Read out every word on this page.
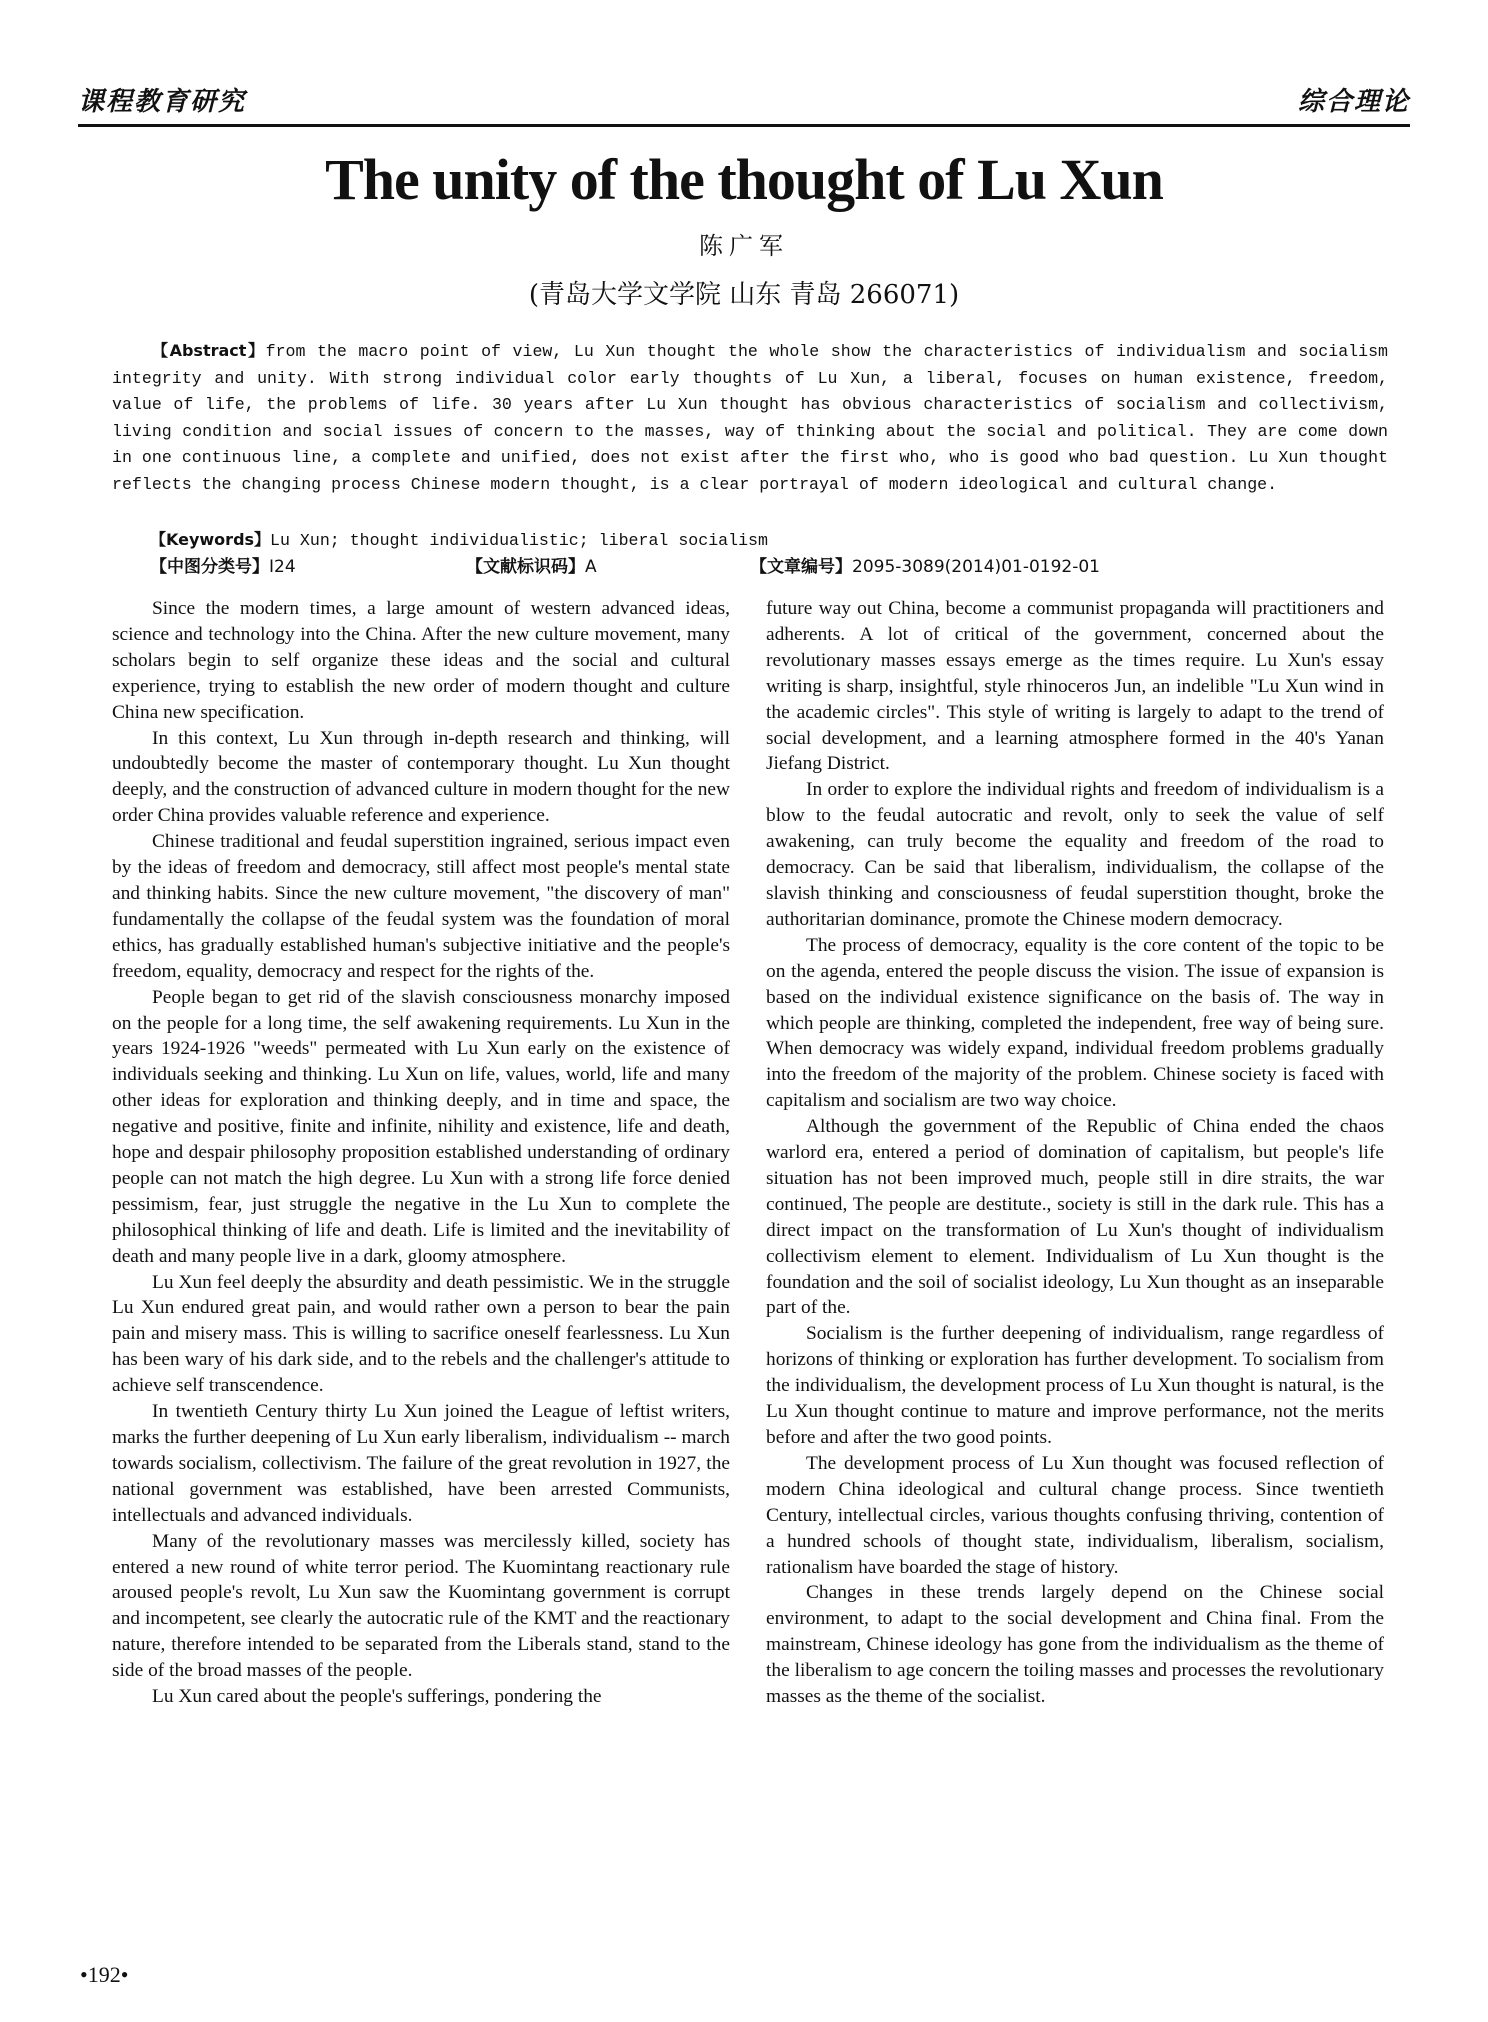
课程教育研究	综合理论
The unity of the thought of Lu Xun
陈广军
(青岛大学文学院 山东 青岛 266071)

【Abstract】from the macro point of view, Lu Xun thought the whole show the characteristics of individualism and socialism integrity and unity. With strong individual color early thoughts of Lu Xun, a liberal, focuses on human existence, freedom, value of life, the problems of life. 30 years after Lu Xun thought has obvious characteristics of socialism and collectivism, living condition and social issues of concern to the masses, way of thinking about the social and political. They are come down in one continuous line, a complete and unified, does not exist after the first who, who is good who bad question. Lu Xun thought reflects the changing process Chinese modern thought, is a clear portrayal of modern ideological and cultural change.

【Keywords】Lu Xun; thought individualistic; liberal socialism
【中图分类号】I24	【文献标识码】A	【文章编号】2095-3089(2014)01-0192-01

Since the modern times, a large amount of western advanced ideas, science and technology into the China. After the new culture movement, many scholars begin to self organize these ideas and the social and cultural experience, trying to establish the new order of modern thought and culture China new specification.

In this context, Lu Xun through in-depth research and thinking, will undoubtedly become the master of contemporary thought. Lu Xun thought deeply, and the construction of advanced culture in modern thought for the new order China provides valuable reference and experience.

Chinese traditional and feudal superstition ingrained, serious impact even by the ideas of freedom and democracy, still affect most people's mental state and thinking habits. Since the new culture movement, "the discovery of man" fundamentally the collapse of the feudal system was the foundation of moral ethics, has gradually established human's subjective initiative and the people's freedom, equality, democracy and respect for the rights of the.

People began to get rid of the slavish consciousness monarchy imposed on the people for a long time, the self awakening requirements. Lu Xun in the years 1924-1926 "weeds" permeated with Lu Xun early on the existence of individuals seeking and thinking. Lu Xun on life, values, world, life and many other ideas for exploration and thinking deeply, and in time and space, the negative and positive, finite and infinite, nihility and existence, life and death, hope and despair philosophy proposition established understanding of ordinary people can not match the high degree. Lu Xun with a strong life force denied pessimism, fear, just struggle the negative in the Lu Xun to complete the philosophical thinking of life and death. Life is limited and the inevitability of death and many people live in a dark, gloomy atmosphere.

Lu Xun feel deeply the absurdity and death pessimistic. We in the struggle Lu Xun endured great pain, and would rather own a person to bear the pain pain and misery mass. This is willing to sacrifice oneself fearlessness. Lu Xun has been wary of his dark side, and to the rebels and the challenger's attitude to achieve self transcendence.

In twentieth Century thirty Lu Xun joined the League of leftist writers, marks the further deepening of Lu Xun early liberalism, individualism -- march towards socialism, collectivism. The failure of the great revolution in 1927, the national government was established, have been arrested Communists, intellectuals and advanced individuals.

Many of the revolutionary masses was mercilessly killed, society has entered a new round of white terror period. The Kuomintang reactionary rule aroused people's revolt, Lu Xun saw the Kuomintang government is corrupt and incompetent, see clearly the autocratic rule of the KMT and the reactionary nature, therefore intended to be separated from the Liberals stand, stand to the side of the broad masses of the people.

Lu Xun cared about the people's sufferings, pondering the

future way out China, become a communist propaganda will practitioners and adherents. A lot of critical of the government, concerned about the revolutionary masses essays emerge as the times require. Lu Xun's essay writing is sharp, insightful, style rhinoceros Jun, an indelible "Lu Xun wind in the academic circles". This style of writing is largely to adapt to the trend of social development, and a learning atmosphere formed in the 40's Yanan Jiefang District.

In order to explore the individual rights and freedom of individualism is a blow to the feudal autocratic and revolt, only to seek the value of self awakening, can truly become the equality and freedom of the road to democracy. Can be said that liberalism, individualism, the collapse of the slavish thinking and consciousness of feudal superstition thought, broke the authoritarian dominance, promote the Chinese modern democracy.

The process of democracy, equality is the core content of the topic to be on the agenda, entered the people discuss the vision. The issue of expansion is based on the individual existence significance on the basis of. The way in which people are thinking, completed the independent, free way of being sure. When democracy was widely expand, individual freedom problems gradually into the freedom of the majority of the problem. Chinese society is faced with capitalism and socialism are two way choice.

Although the government of the Republic of China ended the chaos warlord era, entered a period of domination of capitalism, but people's life situation has not been improved much, people still in dire straits, the war continued, The people are destitute., society is still in the dark rule. This has a direct impact on the transformation of Lu Xun's thought of individualism collectivism element to element. Individualism of Lu Xun thought is the foundation and the soil of socialist ideology, Lu Xun thought as an inseparable part of the.

Socialism is the further deepening of individualism, range regardless of horizons of thinking or exploration has further development. To socialism from the individualism, the development process of Lu Xun thought is natural, is the Lu Xun thought continue to mature and improve performance, not the merits before and after the two good points.

The development process of Lu Xun thought was focused reflection of modern China ideological and cultural change process. Since twentieth Century, intellectual circles, various thoughts confusing thriving, contention of a hundred schools of thought state, individualism, liberalism, socialism, rationalism have boarded the stage of history.

Changes in these trends largely depend on the Chinese social environment, to adapt to the social development and China final. From the mainstream, Chinese ideology has gone from the individualism as the theme of the liberalism to age concern the toiling masses and processes the revolutionary masses as the theme of the socialist.

•192•
